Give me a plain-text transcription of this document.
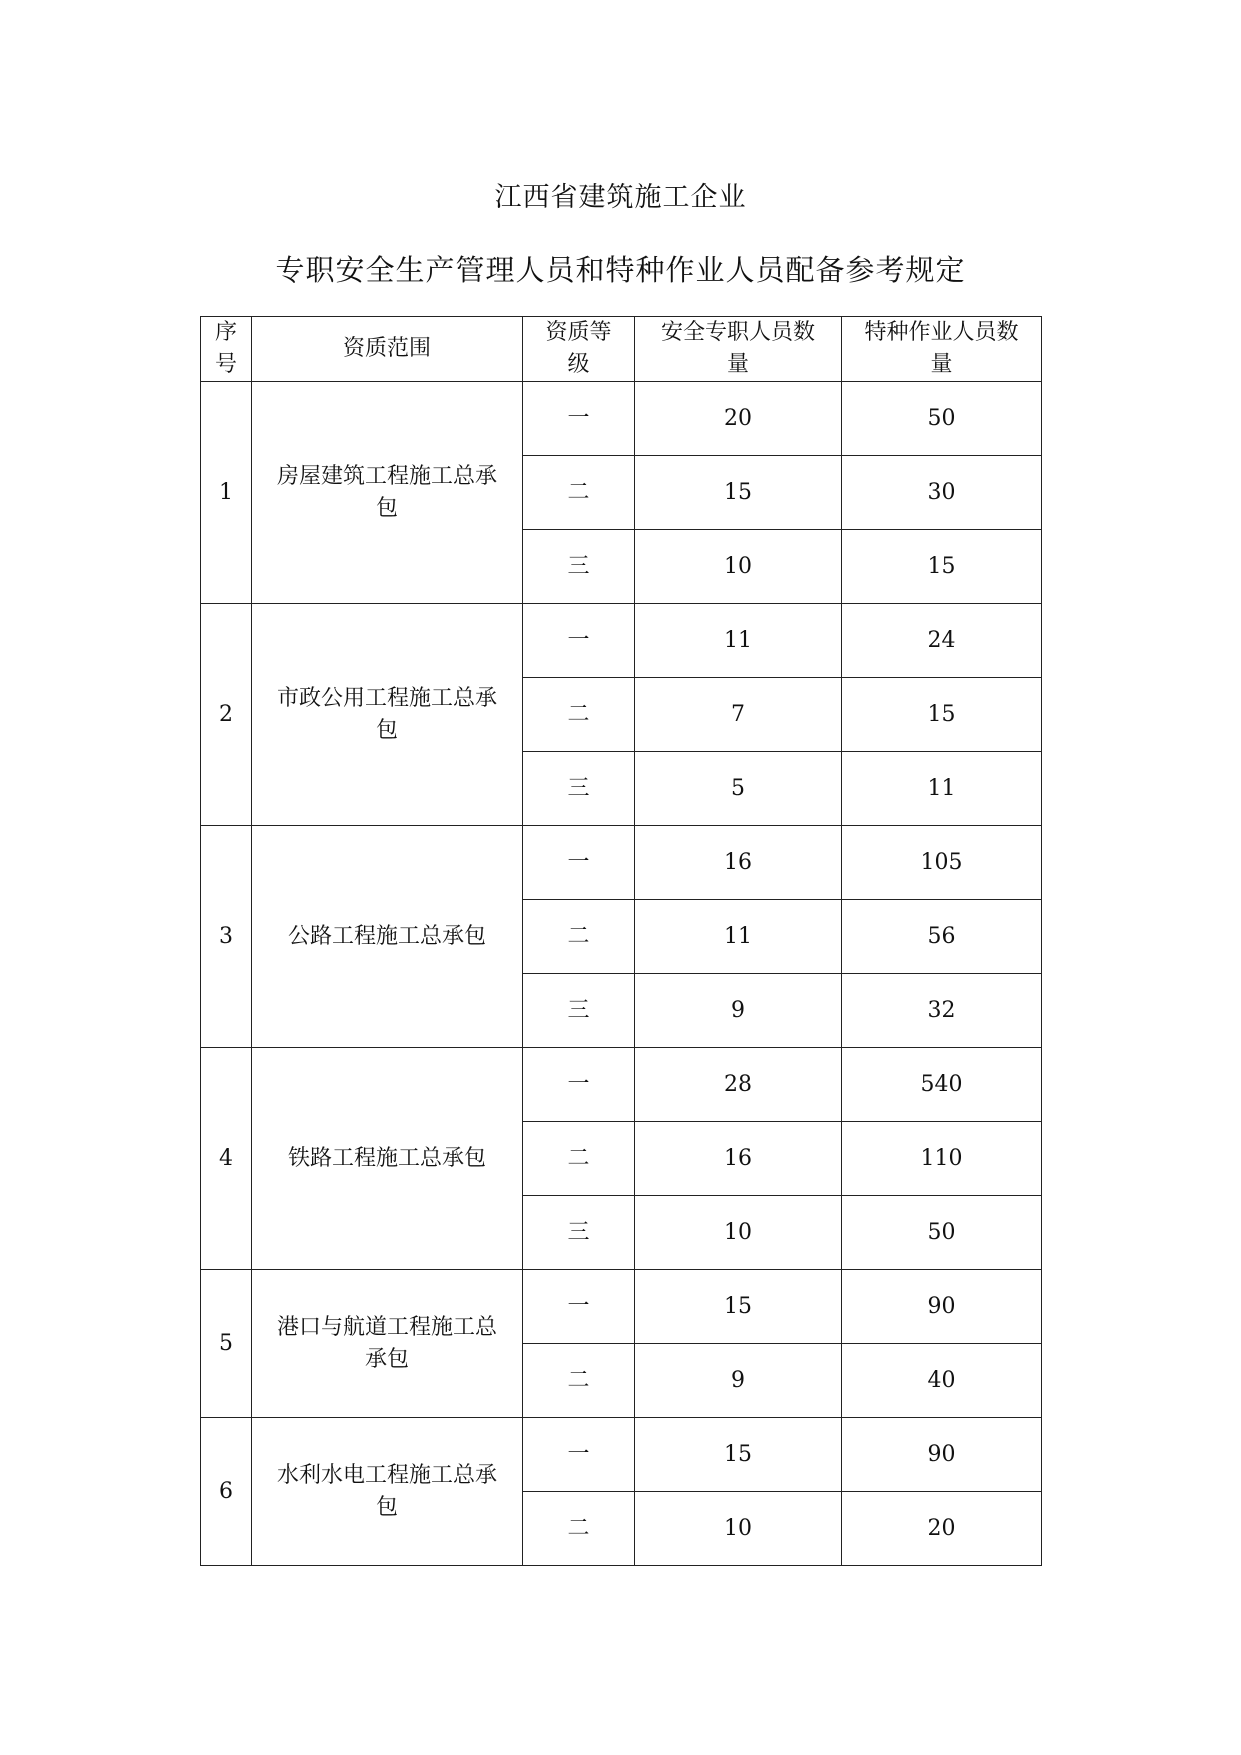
江西省建筑施工企业
专职安全生产管理人员和特种作业人员配备参考规定
序号	资质范围	资质等级	安全专职人员数量	特种作业人员数量
1	房屋建筑工程施工总承包	一	20	50
		二	15	30
		三	10	15
2	市政公用工程施工总承包	一	11	24
		二	7	15
		三	5	11
3	公路工程施工总承包	一	16	105
		二	11	56
		三	9	32
4	铁路工程施工总承包	一	28	540
		二	16	110
		三	10	50
5	港口与航道工程施工总承包	一	15	90
		二	9	40
6	水利水电工程施工总承包	一	15	90
		二	10	20
